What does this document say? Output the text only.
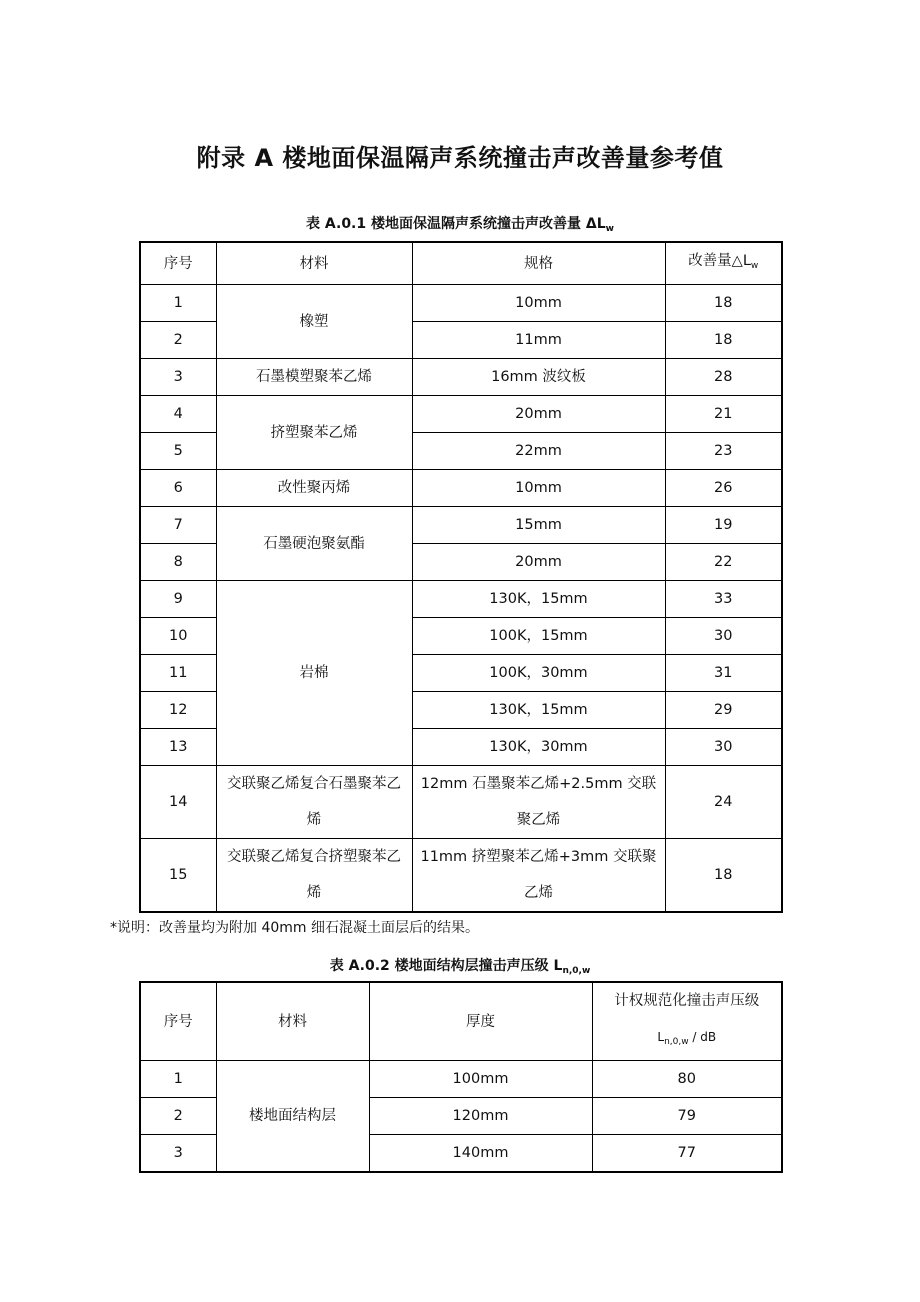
附录 A 楼地面保温隔声系统撞击声改善量参考值
表 A.0.1 楼地面保温隔声系统撞击声改善量 $\Delta L_w$
序号	材料	规格	改善量$\triangle L_w$
1	橡塑	10mm	18
2		11mm	18
3	石墨模塑聚苯乙烯	16mm 波纹板	28
4	挤塑聚苯乙烯	20mm	21
5		22mm	23
6	改性聚丙烯	10mm	26
7	石墨硬泡聚氨酯	15mm	19
8		20mm	22
9	岩棉	130K，15mm	33
10		100K，15mm	30
11		100K，30mm	31
12		130K，15mm	29
13		130K，30mm	30
14	交联聚乙烯复合石墨聚苯乙烯	12mm 石墨聚苯乙烯+2.5mm 交联聚乙烯	24
15	交联聚乙烯复合挤塑聚苯乙烯	11mm 挤塑聚苯乙烯+3mm 交联聚乙烯	18
*说明：改善量均为附加 40mm 细石混凝土面层后的结果。
表 A.0.2 楼地面结构层撞击声压级 $L_{n,0,w}$
序号	材料	厚度	计权规范化撞击声压级
$L_{n,0,w}$ / dB

1	楼地面结构层	100mm	80
2		120mm	79
3		140mm	77
